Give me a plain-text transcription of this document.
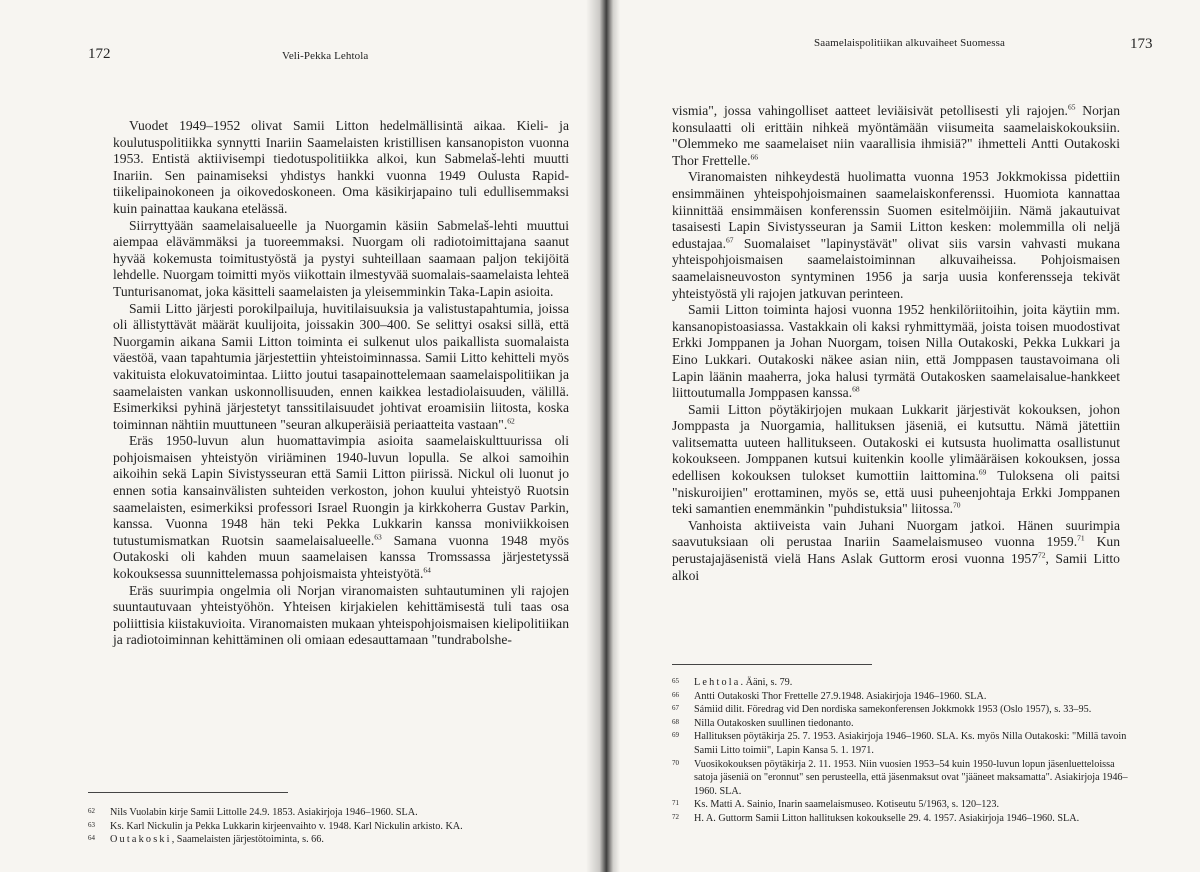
172	Veli-Pekka Lehtola

Vuodet 1949–1952 olivat Samii Litton hedelmällisintä aikaa. Kieli- ja koulutuspolitiikka synnytti Inariin Saamelaisten kristillisen kansanopiston vuonna 1953. Entistä aktiivisempi tiedotuspolitiikka alkoi, kun Sabmelaš-lehti muutti Inariin. Sen painamiseksi yhdistys hankki vuonna 1949 Oulusta Rapid-tiikelipainokoneen ja oikovedoskoneen. Oma käsikirjapaino tuli edullisemmaksi kuin painattaa kaukana etelässä.

Siirryttyään saamelaisalueelle ja Nuorgamin käsiin Sabmelaš-lehti muuttui aiempaa elävämmäksi ja tuoreemmaksi. Nuorgam oli radiotoimittajana saanut hyvää kokemusta toimitustyöstä ja pystyi suhteillaan saamaan paljon tekijöitä lehdelle. Nuorgam toimitti myös viikottain ilmestyvää suomalais-saamelaista lehteä Tunturisanomat, joka käsitteli saamelaisten ja yleisemminkin Taka-Lapin asioita.

Samii Litto järjesti porokilpailuja, huvitilaisuuksia ja valistustapahtumia, joissa oli ällistyttävät määrät kuulijoita, joissakin 300–400. Se selittyi osaksi sillä, että Nuorgamin aikana Samii Litton toiminta ei sulkenut ulos paikallista suomalaista väestöä, vaan tapahtumia järjestettiin yhteistoiminnassa. Samii Litto kehitteli myös vakituista elokuvatoimintaa. Liitto joutui tasapainottelemaan saamelaispolitiikan ja saamelaisten vankan uskonnollisuuden, ennen kaikkea lestadiolaisuuden, välillä. Esimerkiksi pyhinä järjestetyt tanssitilaisuudet johtivat eroamisiin liitosta, koska toiminnan nähtiin muuttuneen "seuran alkuperäisiä periaatteita vastaan".$^{62}$

Eräs 1950-luvun alun huomattavimpia asioita saamelaiskulttuurissa oli pohjoismaisen yhteistyön viriäminen 1940-luvun lopulla. Se alkoi samoihin aikoihin sekä Lapin Sivistysseuran että Samii Litton piirissä. Nickul oli luonut jo ennen sotia kansainvälisten suhteiden verkoston, johon kuului yhteistyö Ruotsin saamelaisten, esimerkiksi professori Israel Ruongin ja kirkkoherra Gustav Parkin, kanssa. Vuonna 1948 hän teki Pekka Lukkarin kanssa moniviikkoisen tutustumismatkan Ruotsin saamelaisalueelle.$^{63}$ Samana vuonna 1948 myös Outakoski oli kahden muun saamelaisen kanssa Tromssassa järjestetyssä kokouksessa suunnittelemassa pohjoismaista yhteistyötä.$^{64}$

Eräs suurimpia ongelmia oli Norjan viranomaisten suhtautuminen yli rajojen suuntautuvaan yhteistyöhön. Yhteisen kirjakielen kehittämisestä tuli taas osa poliittisia kiistakuvioita. Viranomaisten mukaan yhteispohjoismaisen kielipolitiikan ja radiotoiminnan kehittäminen oli omiaan edesauttamaan "tundrabolshe-

62	Nils Vuolabin kirje Samii Littolle 24.9. 1853. Asiakirjoja 1946–1960. SLA.
63	Ks. Karl Nickulin ja Pekka Lukkarin kirjeenvaihto v. 1948. Karl Nickulin arkisto. KA.
64	Outakoski, Saamelaisten järjestötoiminta, s. 66.
Saamelaispolitiikan alkuvaiheet Suomessa	173

vismia", jossa vahingolliset aatteet leviäisivät petollisesti yli rajojen.$^{65}$ Norjan konsulaatti oli erittäin nihkeä myöntämään viisumeita saamelaiskokouksiin. "Olemmeko me saamelaiset niin vaarallisia ihmisiä?" ihmetteli Antti Outakoski Thor Frettelle.$^{66}$

Viranomaisten nihkeydestä huolimatta vuonna 1953 Jokkmokissa pidettiin ensimmäinen yhteispohjoismainen saamelaiskonferenssi. Huomiota kannattaa kiinnittää ensimmäisen konferenssin Suomen esitelmöijiin. Nämä jakautuivat tasaisesti Lapin Sivistysseuran ja Samii Litton kesken: molemmilla oli neljä edustajaa.$^{67}$ Suomalaiset "lapinystävät" olivat siis varsin vahvasti mukana yhteispohjoismaisen saamelaistoiminnan alkuvaiheissa. Pohjoismaisen saamelaisneuvoston syntyminen 1956 ja sarja uusia konferensseja tekivät yhteistyöstä yli rajojen jatkuvan perinteen.

Samii Litton toiminta hajosi vuonna 1952 henkilöriitoihin, joita käytiin mm. kansanopistoasiassa. Vastakkain oli kaksi ryhmittymää, joista toisen muodostivat Erkki Jomppanen ja Johan Nuorgam, toisen Nilla Outakoski, Pekka Lukkari ja Eino Lukkari. Outakoski näkee asian niin, että Jomppasen taustavoimana oli Lapin läänin maaherra, joka halusi tyrmätä Outakosken saamelaisalue-hankkeet liittoutumalla Jomppasen kanssa.$^{68}$

Samii Litton pöytäkirjojen mukaan Lukkarit järjestivät kokouksen, johon Jomppasta ja Nuorgamia, hallituksen jäseniä, ei kutsuttu. Nämä jätettiin valitsematta uuteen hallitukseen. Outakoski ei kutsusta huolimatta osallistunut kokoukseen. Jomppanen kutsui kuitenkin koolle ylimääräisen kokouksen, jossa edellisen kokouksen tulokset kumottiin laittomina.$^{69}$ Tuloksena oli paitsi "niskuroijien" erottaminen, myös se, että uusi puheenjohtaja Erkki Jomppanen teki samantien enemmänkin "puhdistuksia" liitossa.$^{70}$

Vanhoista aktiiveista vain Juhani Nuorgam jatkoi. Hänen suurimpia saavutuksiaan oli perustaa Inariin Saamelaismuseo vuonna 1959.71 Kun perustajajäsenistä vielä Hans Aslak Guttorm erosi vuonna 1957$^{72}$, Samii Litto alkoi

65	Lehtola. Ääni, s. 79.
66	Antti Outakoski Thor Frettelle 27.9.1948. Asiakirjoja 1946–1960. SLA.
67	Sámiid dilit. Föredrag vid Den nordiska samekonferensen Jokkmokk 1953 (Oslo 1957), s. 33–95.
68	Nilla Outakosken suullinen tiedonanto.
69	Hallituksen pöytäkirja 25. 7. 1953. Asiakirjoja 1946–1960. SLA. Ks. myös Nilla Outakoski: "Millä tavoin Samii Litto toimii", Lapin Kansa 5. 1. 1971.
70	Vuosikokouksen pöytäkirja 2. 11. 1953. Niin vuosien 1953–54 kuin 1950-luvun lopun jäsenluetteloissa satoja jäseniä on "eronnut" sen perusteella, että jäsenmaksut ovat "jääneet maksamatta". Asiakirjoja 1946–1960. SLA.
71	Ks. Matti A. Sainio, Inarin saamelaismuseo. Kotiseutu 5/1963, s. 120–123.
72	H. A. Guttorm Samii Litton hallituksen kokoukselle 29. 4. 1957. Asiakirjoja 1946–1960. SLA.
